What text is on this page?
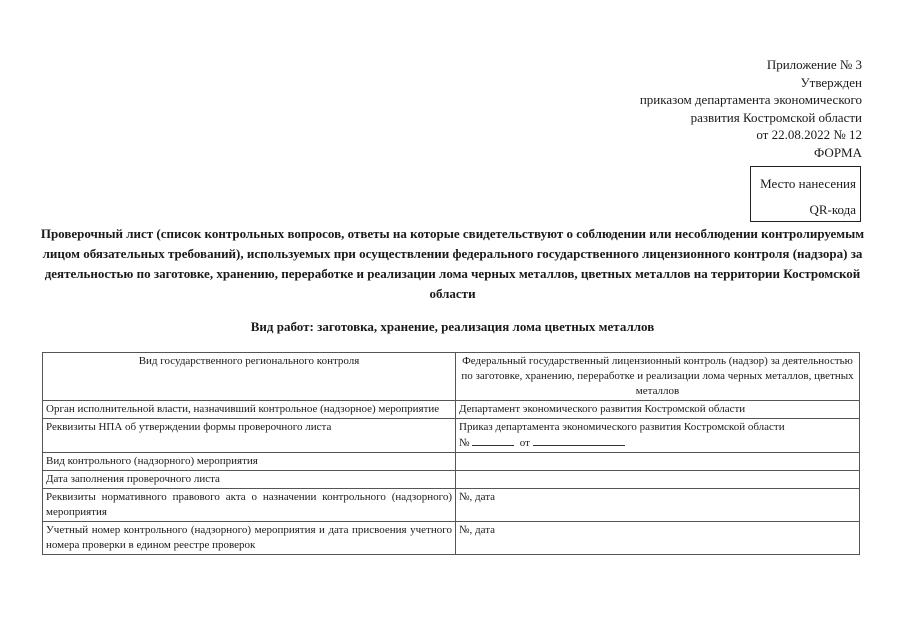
Приложение № 3
Утвержден
приказом департамента экономического
развития Костромской области
от 22.08.2022 № 12
ФОРМА
Место нанесения
QR-кода
Проверочный лист (список контрольных вопросов, ответы на которые свидетельствуют о соблюдении или несоблюдении контролируемым лицом обязательных требований), используемых при осуществлении федерального государственного лицензионного контроля (надзора) за деятельностью по заготовке, хранению, переработке и реализации лома черных металлов, цветных металлов на территории Костромской области
Вид работ: заготовка, хранение, реализация лома цветных металлов
Вид государственного регионального контроля	Федеральный государственный лицензионный контроль (надзор) за деятельностью по заготовке, хранению, переработке и реализации лома черных металлов, цветных металлов
Орган исполнительной власти, назначивший контрольное (надзорное) мероприятие	Департамент экономического развития Костромской области
Реквизиты НПА об утверждении формы проверочного листа	Приказ департамента экономического развития Костромской области
№ от

Вид контрольного (надзорного) мероприятия	
Дата заполнения проверочного листа	
Реквизиты нормативного правового акта о назначении контрольного (надзорного) мероприятия	№, дата
Учетный номер контрольного (надзорного) мероприятия и дата присвоения учетного номера проверки в едином реестре проверок	№, дата
